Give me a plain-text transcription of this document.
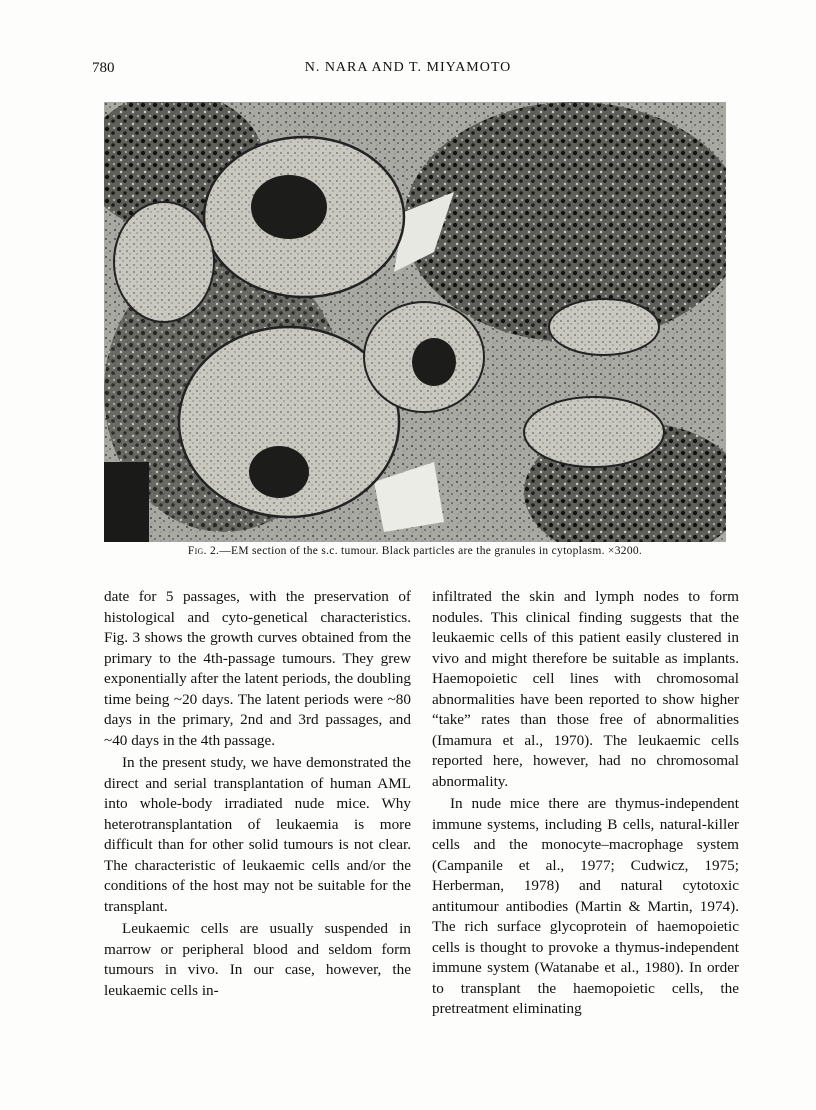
780	N. NARA AND T. MIYAMOTO
Fig. 2.—EM section of the s.c. tumour. Black particles are the granules in cytoplasm. ×3200.

date for 5 passages, with the preservation of histological and cyto-genetical characteristics. Fig. 3 shows the growth curves obtained from the primary to the 4th-passage tumours. They grew exponentially after the latent periods, the doubling time being ~20 days. The latent periods were ~80 days in the primary, 2nd and 3rd passages, and ~40 days in the 4th passage.

In the present study, we have demonstrated the direct and serial transplantation of human AML into whole-body irradiated nude mice. Why heterotransplantation of leukaemia is more difficult than for other solid tumours is not clear. The characteristic of leukaemic cells and/or the conditions of the host may not be suitable for the transplant.

Leukaemic cells are usually suspended in marrow or peripheral blood and seldom form tumours in vivo. In our case, however, the leukaemic cells in-

infiltrated the skin and lymph nodes to form nodules. This clinical finding suggests that the leukaemic cells of this patient easily clustered in vivo and might therefore be suitable as implants. Haemopoietic cell lines with chromosomal abnormalities have been reported to show higher “take” rates than those free of abnormalities (Imamura et al., 1970). The leukaemic cells reported here, however, had no chromosomal abnormality.

In nude mice there are thymus-independent immune systems, including B cells, natural-killer cells and the monocyte–macrophage system (Campanile et al., 1977; Cudwicz, 1975; Herberman, 1978) and natural cytotoxic antitumour antibodies (Martin & Martin, 1974). The rich surface glycoprotein of haemopoietic cells is thought to provoke a thymus-independent immune system (Watanabe et al., 1980). In order to transplant the haemopoietic cells, the pretreatment eliminating
